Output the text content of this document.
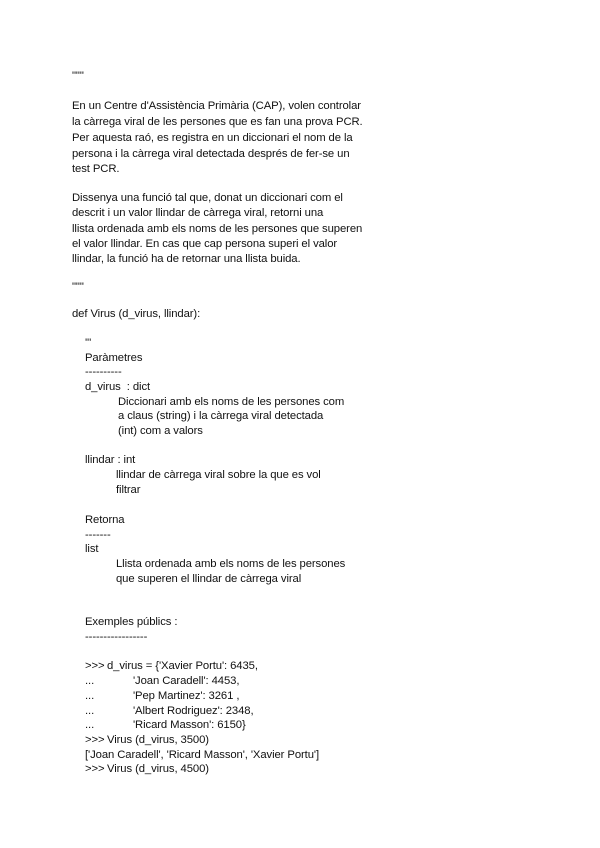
"""
En un Centre d'Assistència Primària (CAP), volen controlar
la càrrega viral de les persones que es fan una prova PCR.
Per aquesta raó, es registra en un diccionari el nom de la
persona i la càrrega viral detectada després de fer-se un
test PCR.
Dissenya una funció tal que, donat un diccionari com el
descrit i un valor llindar de càrrega viral, retorni una
llista ordenada amb els noms de les persones que superen
el valor llindar. En cas que cap persona superi el valor
llindar, la funció ha de retornar una llista buida.
"""
def Virus (d_virus, llindar):
'''
Paràmetres
----------
d_virus  : dict
Diccionari amb els noms de les persones com
a claus (string) i la càrrega viral detectada
(int) com a valors
llindar : int
llindar de càrrega viral sobre la que es vol
filtrar
Retorna
-------
list
Llista ordenada amb els noms de les persones
que superen el llindar de càrrega viral
Exemples públics :
-----------------
>>> d_virus = {'Xavier Portu': 6435,
...	'Joan Caradell': 4453,
...	'Pep Martinez': 3261 ,
...	'Albert Rodriguez': 2348,
...	'Ricard Masson': 6150}
>>> Virus (d_virus, 3500)
['Joan Caradell', 'Ricard Masson', 'Xavier Portu']
>>> Virus (d_virus, 4500)
